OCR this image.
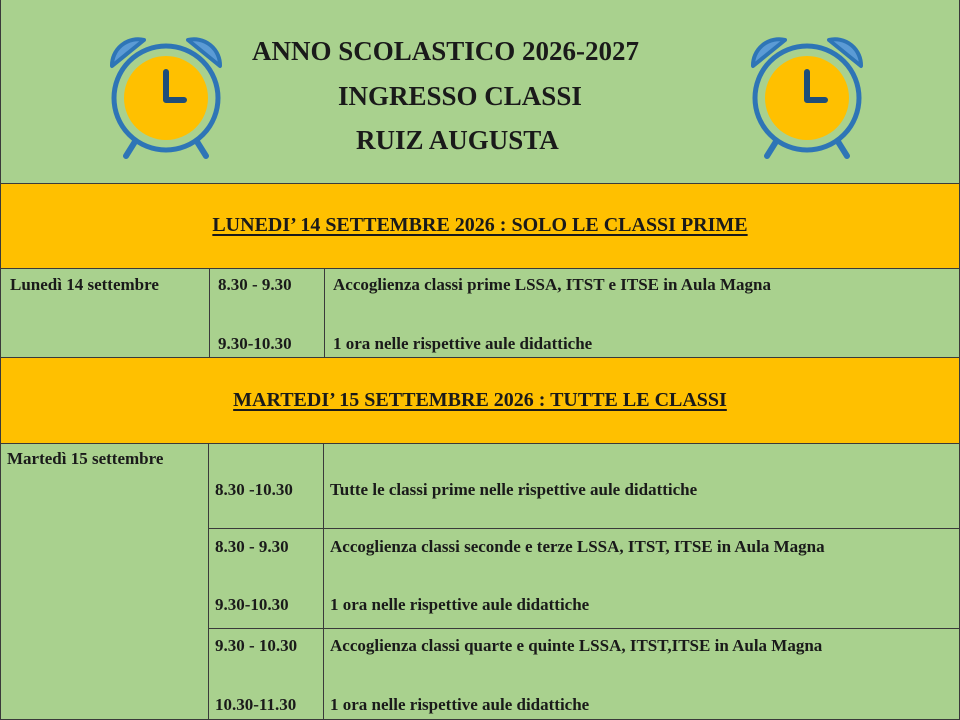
ANNO SCOLASTICO 2026-2027
INGRESSO CLASSI
RUIZ AUGUSTA
LUNEDI’ 14 SETTEMBRE 2026 : SOLO LE CLASSI PRIME
Lunedì 14 settembre	8.30 - 9.30 Accoglienza classi prime LSSA, ITST e ITSE in Aula Magna
9.30-10.30 1 ora nelle rispettive aule didattiche
MARTEDI’ 15 SETTEMBRE 2026 : TUTTE LE CLASSI
Martedì 15 settembre
8.30 -10.30 Tutte le classi prime nelle rispettive aule didattiche
8.30 - 9.30 Accoglienza classi seconde e terze LSSA, ITST, ITSE in Aula Magna
9.30-10.30 1 ora nelle rispettive aule didattiche
9.30 - 10.30 Accoglienza classi quarte e quinte LSSA, ITST,ITSE in Aula Magna
10.30-11.30 1 ora nelle rispettive aule didattiche
